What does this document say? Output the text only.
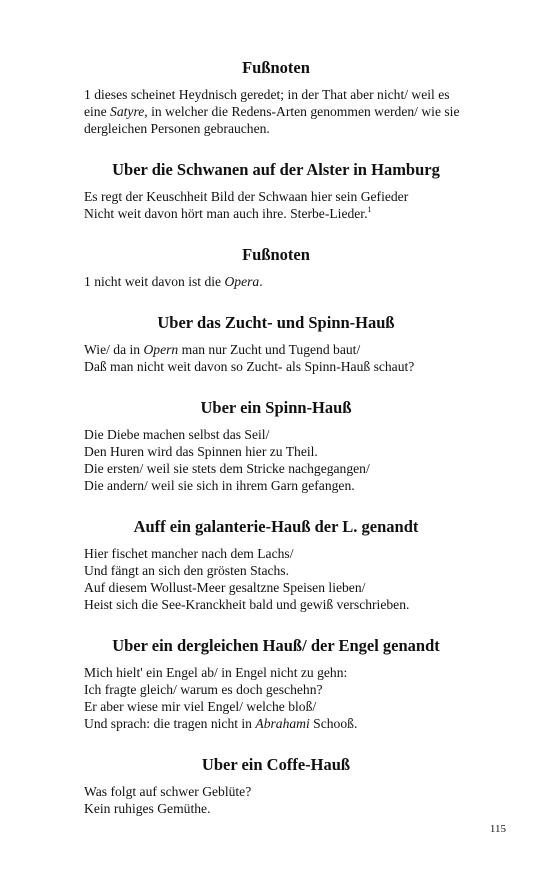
Fußnoten
1 dieses scheinet Heydnisch geredet; in der That aber nicht/ weil es
eine Satyre, in welcher die Redens-Arten genommen werden/ wie sie
dergleichen Personen gebrauchen.
Uber die Schwanen auf der Alster in Hamburg
Es regt der Keuschheit Bild der Schwaan hier sein Gefieder
Nicht weit davon hört man auch ihre. Sterbe-Lieder.$^1$
Fußnoten
1 nicht weit davon ist die Opera.
Uber das Zucht- und Spinn-Hauß
Wie/ da in Opern man nur Zucht und Tugend baut/
Daß man nicht weit davon so Zucht- als Spinn-Hauß schaut?
Uber ein Spinn-Hauß
Die Diebe machen selbst das Seil/
Den Huren wird das Spinnen hier zu Theil.
Die ersten/ weil sie stets dem Stricke nachgegangen/
Die andern/ weil sie sich in ihrem Garn gefangen.
Auff ein galanterie-Hauß der L. genandt
Hier fischet mancher nach dem Lachs/
Und fängt an sich den grösten Stachs.
Auf diesem Wollust-Meer gesaltzne Speisen lieben/
Heist sich die See-Kranckheit bald und gewiß verschrieben.
Uber ein dergleichen Hauß/ der Engel genandt
Mich hielt' ein Engel ab/ in Engel nicht zu gehn:
Ich fragte gleich/ warum es doch geschehn?
Er aber wiese mir viel Engel/ welche bloß/
Und sprach: die tragen nicht in Abrahami Schooß.
Uber ein Coffe-Hauß
Was folgt auf schwer Geblüte?
Kein ruhiges Gemüthe.
115
